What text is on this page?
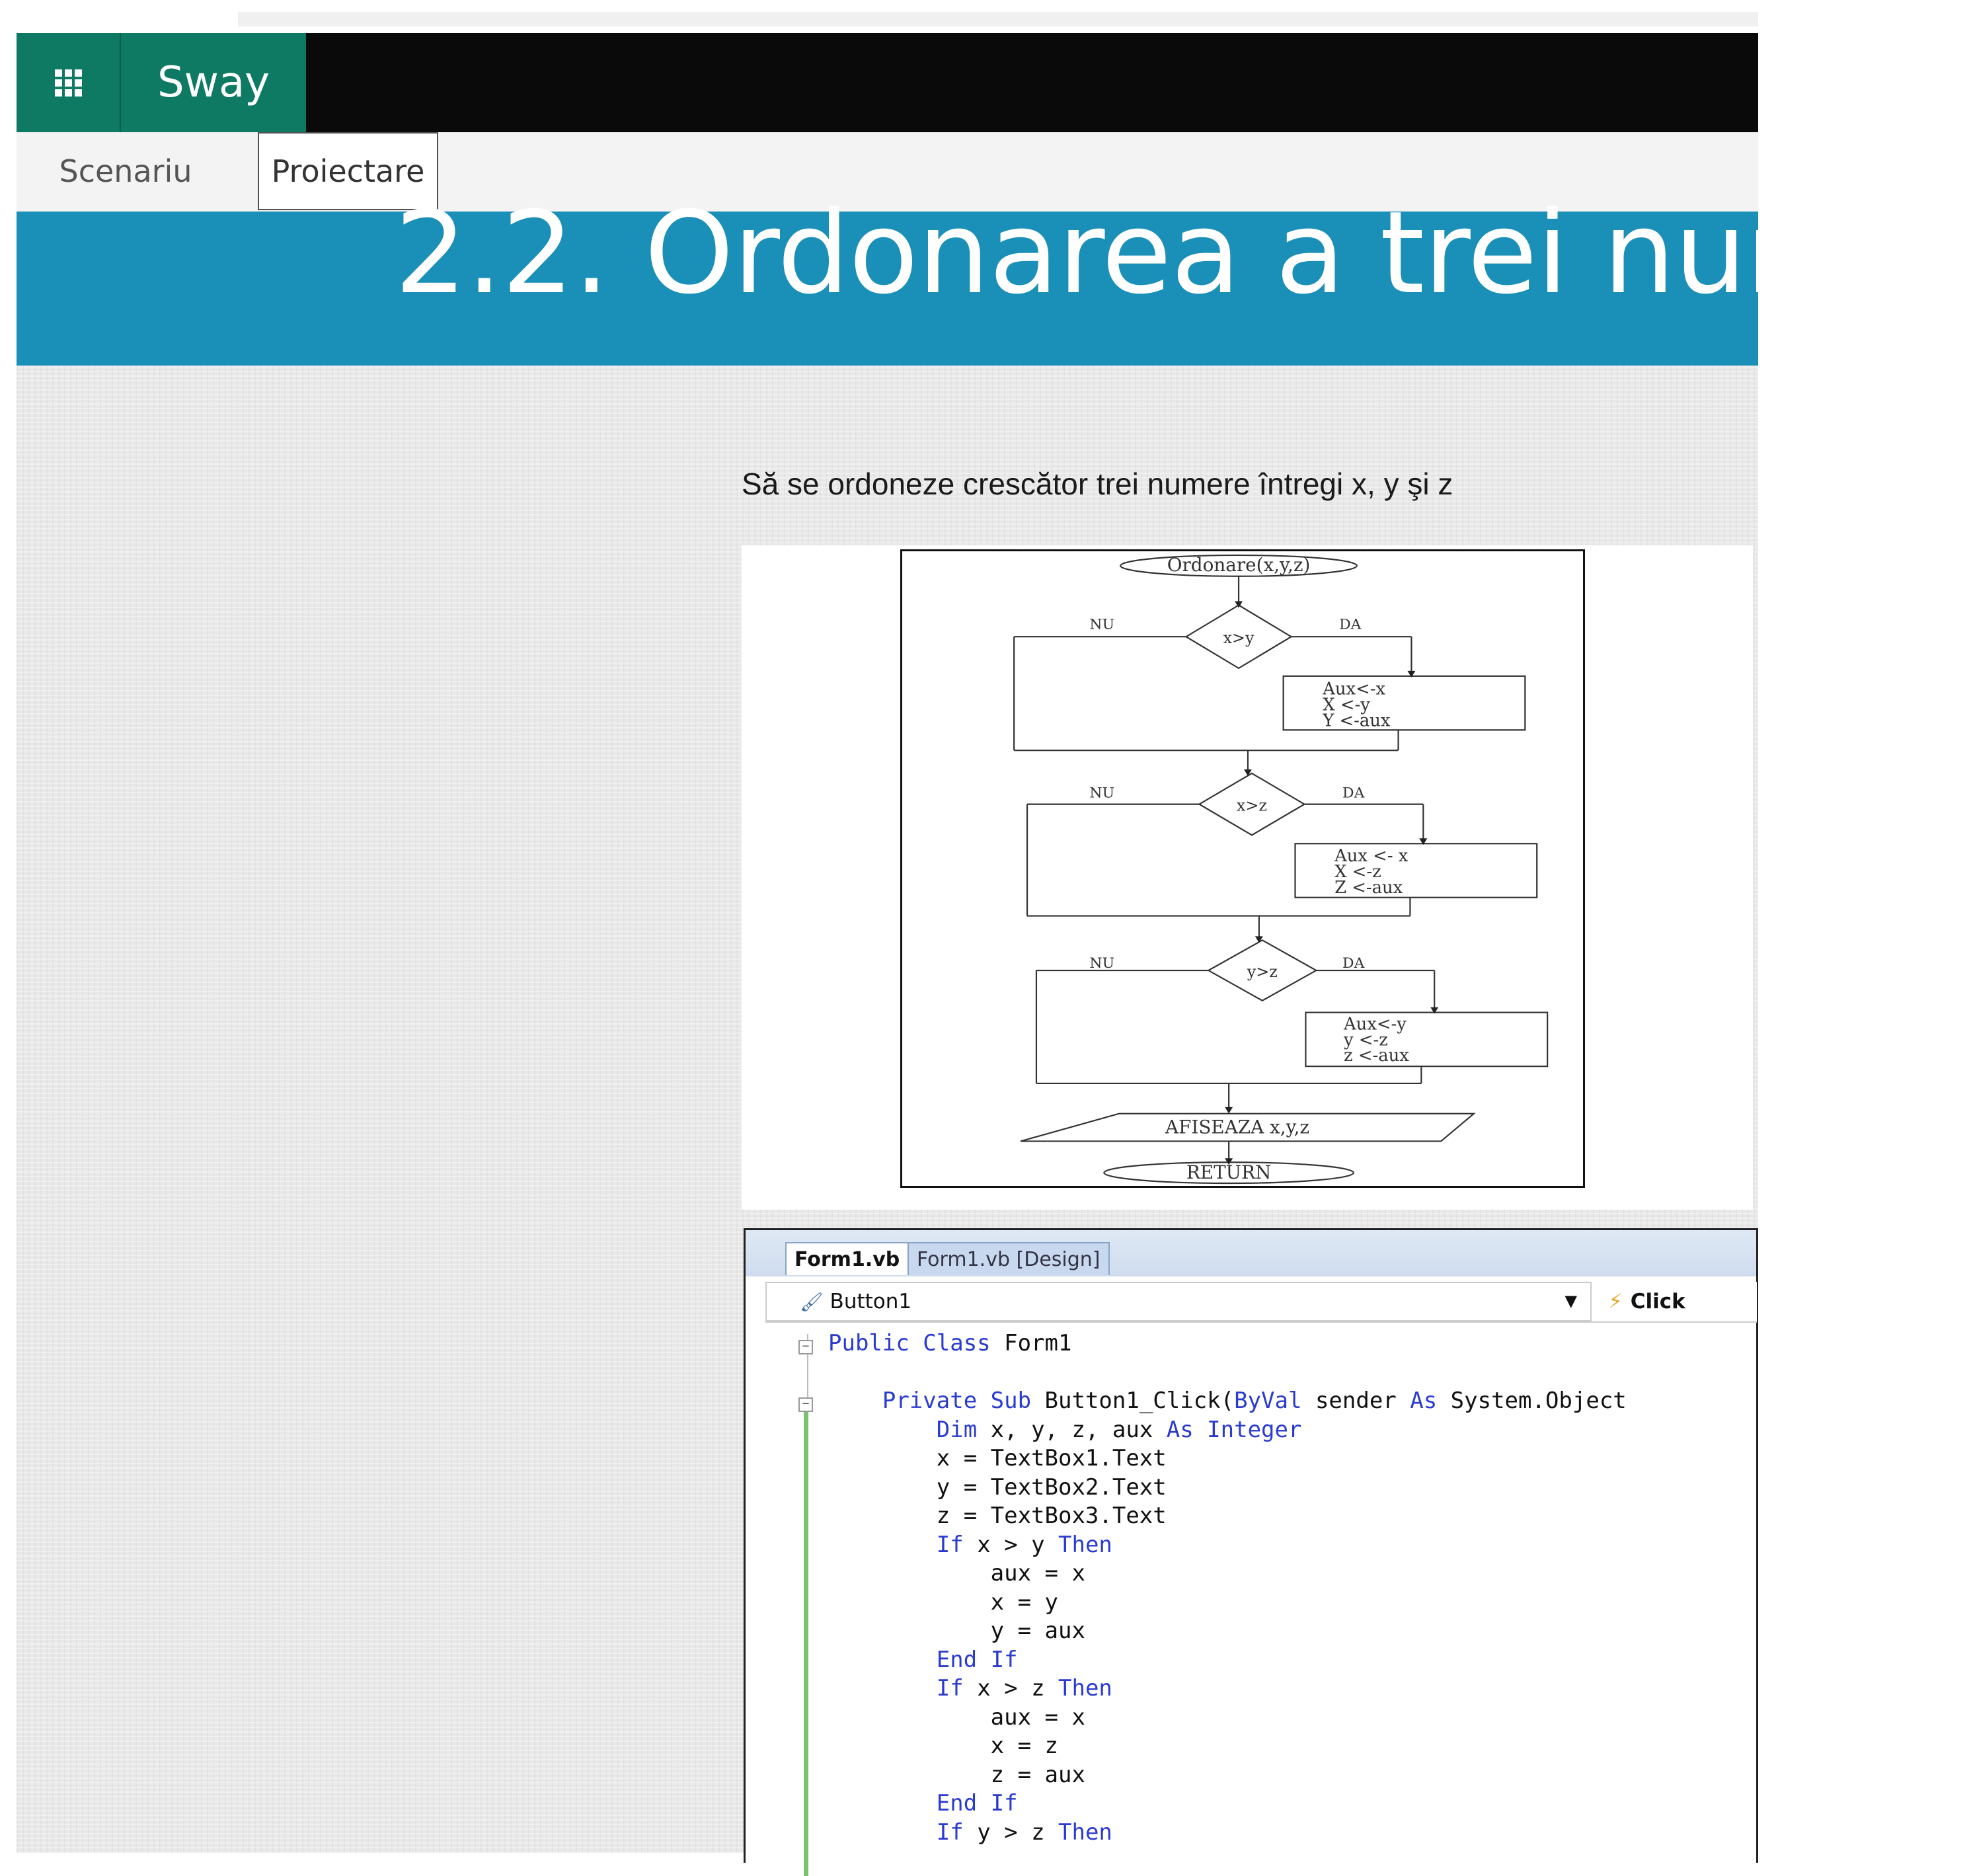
Sway
Scenariu	Proiectare
2.2. Ordonarea a trei numer
Să se ordoneze crescător trei numere întregi x, y şi z
Ordonare(x,y,z)
x>y
NU	DA
Aux<-x
X <-y
Y <-aux
x>z
NU	DA
Aux <- x
X <-z
Z <-aux
y>z
NU	DA
Aux<-y
y <-z
z <-aux
AFISEAZA x,y,z
RETURN
Form1.vb Form1.vb [Design]
🖌 Button1	▼ ⚡ Click
−
−
Public Class Form1
Private Sub Button1_Click(ByVal sender As System.Object
Dim x, y, z, aux As Integer
x = TextBox1.Text
y = TextBox2.Text
z = TextBox3.Text
If x > y Then
aux = x
x = y
y = aux
End If
If x > z Then
aux = x
x = z
z = aux
End If
If y > z Then
